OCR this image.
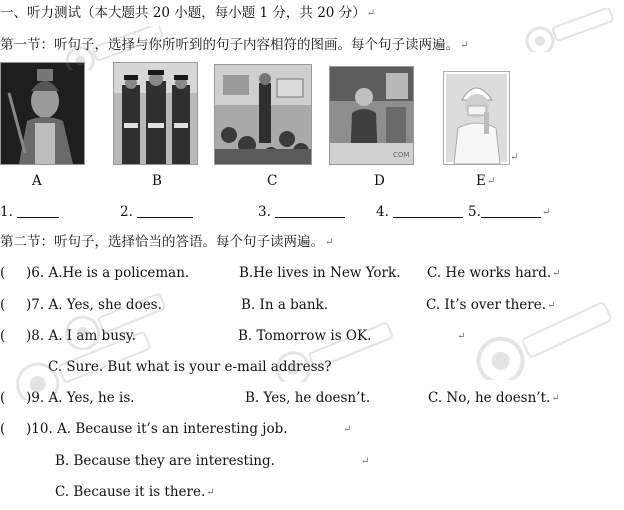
一、听力测试（本大题共 20 小题，每小题 1 分，共 20 分）↵
第一节：听句子，选择与你所听到的句子内容相符的图画。每个句子读两遍。↵
COM	↵
A	B	C	D	E↵
1.	2.	3.	4.	5.	↵
第二节：听句子，选择恰当的答语。每个句子读两遍。↵
( )6. A.He is a policeman.	B.He lives in New York. C. He works hard.↵
( )7. A. Yes, she does.	B. In a bank.	C. It’s over there.↵
( )8. A. I am busy.	B. Tomorrow is OK.	↵
C. Sure. But what is your e-mail address?
( )9. A. Yes, he is.	B. Yes, he doesn’t.	C. No, he doesn’t.↵
( )10. A. Because it’s an interesting job.	↵
B. Because they are interesting.	↵
C. Because it is there.↵
